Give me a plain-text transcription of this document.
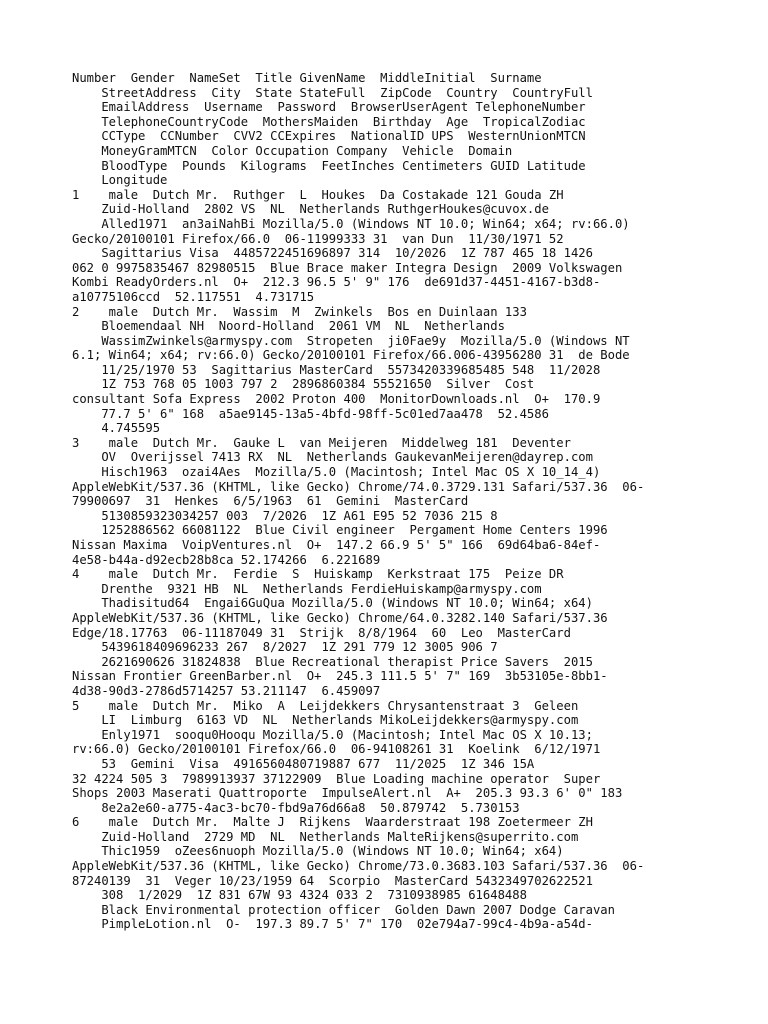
Number  Gender  NameSet  Title GivenName  MiddleInitial  Surname
StreetAddress  City  State StateFull  ZipCode  Country  CountryFull
EmailAddress  Username  Password  BrowserUserAgent TelephoneNumber
TelephoneCountryCode  MothersMaiden  Birthday  Age  TropicalZodiac
CCType  CCNumber  CVV2 CCExpires  NationalID UPS  WesternUnionMTCN
MoneyGramMTCN  Color Occupation Company  Vehicle  Domain
BloodType  Pounds  Kilograms  FeetInches Centimeters GUID Latitude
Longitude
1    male  Dutch Mr.  Ruthger  L  Houkes  Da Costakade 121 Gouda ZH
Zuid-Holland  2802 VS  NL  Netherlands RuthgerHoukes@cuvox.de
Alled1971  an3aiNahBi Mozilla/5.0 (Windows NT 10.0; Win64; x64; rv:66.0)
Gecko/20100101 Firefox/66.0  06-11999333 31  van Dun  11/30/1971 52
Sagittarius Visa  4485722451696897 314  10/2026  1Z 787 465 18 1426
062 0 9975835467 82980515  Blue Brace maker Integra Design  2009 Volkswagen
Kombi ReadyOrders.nl  O+  212.3 96.5 5' 9" 176  de691d37-4451-4167-b3d8-
a10775106ccd  52.117551  4.731715
2    male  Dutch Mr.  Wassim  M  Zwinkels  Bos en Duinlaan 133
Bloemendaal NH  Noord-Holland  2061 VM  NL  Netherlands
WassimZwinkels@armyspy.com  Stropeten  ji0Fae9y  Mozilla/5.0 (Windows NT
6.1; Win64; x64; rv:66.0) Gecko/20100101 Firefox/66.006-43956280 31  de Bode
11/25/1970 53  Sagittarius MasterCard  5573420339685485 548  11/2028
1Z 753 768 05 1003 797 2  2896860384 55521650  Silver  Cost
consultant Sofa Express  2002 Proton 400  MonitorDownloads.nl  O+  170.9
77.7 5' 6" 168  a5ae9145-13a5-4bfd-98ff-5c01ed7aa478  52.4586
4.745595
3    male  Dutch Mr.  Gauke L  van Meijeren  Middelweg 181  Deventer
OV  Overijssel 7413 RX  NL  Netherlands GaukevanMeijeren@dayrep.com
Hisch1963  ozai4Aes  Mozilla/5.0 (Macintosh; Intel Mac OS X 10_14_4)
AppleWebKit/537.36 (KHTML, like Gecko) Chrome/74.0.3729.131 Safari/537.36  06-
79900697  31  Henkes  6/5/1963  61  Gemini  MasterCard
5130859323034257 003  7/2026  1Z A61 E95 52 7036 215 8
1252886562 66081122  Blue Civil engineer  Pergament Home Centers 1996
Nissan Maxima  VoipVentures.nl  O+  147.2 66.9 5' 5" 166  69d64ba6-84ef-
4e58-b44a-d92ecb28b8ca 52.174266  6.221689
4    male  Dutch Mr.  Ferdie  S  Huiskamp  Kerkstraat 175  Peize DR
Drenthe  9321 HB  NL  Netherlands FerdieHuiskamp@armyspy.com
Thadisitud64  Engai6GuQua Mozilla/5.0 (Windows NT 10.0; Win64; x64)
AppleWebKit/537.36 (KHTML, like Gecko) Chrome/64.0.3282.140 Safari/537.36
Edge/18.17763  06-11187049 31  Strijk  8/8/1964  60  Leo  MasterCard
5439618409696233 267  8/2027  1Z 291 779 12 3005 906 7
2621690626 31824838  Blue Recreational therapist Price Savers  2015
Nissan Frontier GreenBarber.nl  O+  245.3 111.5 5' 7" 169  3b53105e-8bb1-
4d38-90d3-2786d5714257 53.211147  6.459097
5    male  Dutch Mr.  Miko  A  Leijdekkers Chrysantenstraat 3  Geleen
LI  Limburg  6163 VD  NL  Netherlands MikoLeijdekkers@armyspy.com
Enly1971  sooqu0Hooqu Mozilla/5.0 (Macintosh; Intel Mac OS X 10.13;
rv:66.0) Gecko/20100101 Firefox/66.0  06-94108261 31  Koelink  6/12/1971
53  Gemini  Visa  4916560480719887 677  11/2025  1Z 346 15A
32 4224 505 3  7989913937 37122909  Blue Loading machine operator  Super
Shops 2003 Maserati Quattroporte  ImpulseAlert.nl  A+  205.3 93.3 6' 0" 183
8e2a2e60-a775-4ac3-bc70-fbd9a76d66a8  50.879742  5.730153
6    male  Dutch Mr.  Malte J  Rijkens  Waarderstraat 198 Zoetermeer ZH
Zuid-Holland  2729 MD  NL  Netherlands MalteRijkens@superrito.com
Thic1959  oZees6nuoph Mozilla/5.0 (Windows NT 10.0; Win64; x64)
AppleWebKit/537.36 (KHTML, like Gecko) Chrome/73.0.3683.103 Safari/537.36  06-
87240139  31  Veger 10/23/1959 64  Scorpio  MasterCard 5432349702622521
308  1/2029  1Z 831 67W 93 4324 033 2  7310938985 61648488
Black Environmental protection officer  Golden Dawn 2007 Dodge Caravan
PimpleLotion.nl  O-  197.3 89.7 5' 7" 170  02e794a7-99c4-4b9a-a54d-
